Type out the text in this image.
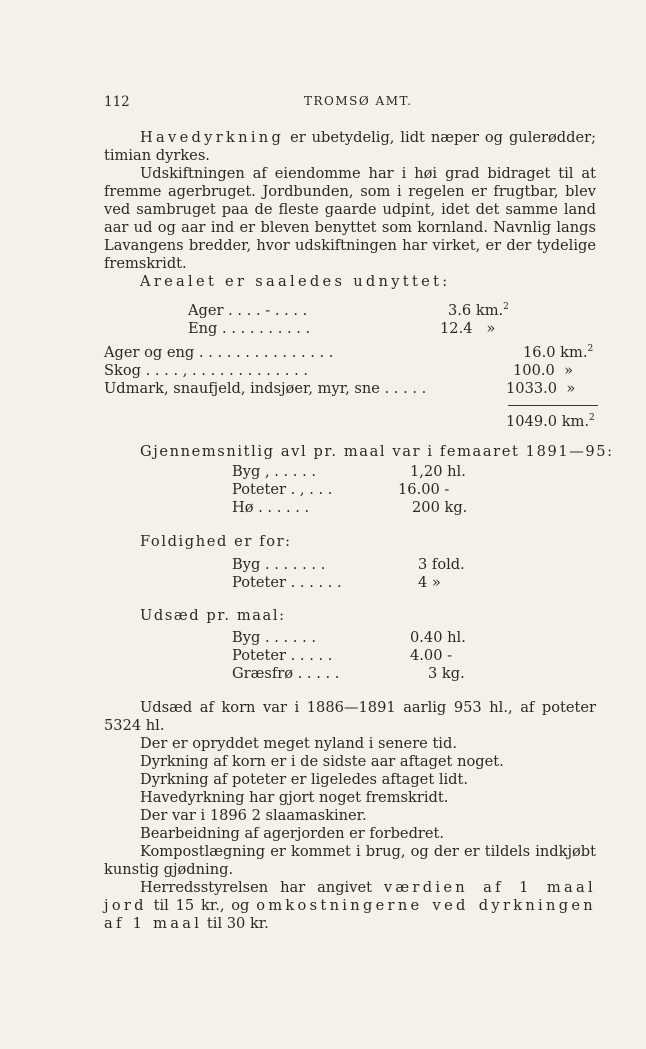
112	TROMSØ AMT.

Havedyrkning er ubetydelig, lidt næper og gulerødder; timian dyrkes.

Udskiftningen af eiendomme har i høi grad bidraget til at fremme agerbruget. Jordbunden, som i regelen er frugtbar, blev ved sambruget paa de fleste gaarde udpint, idet det samme land aar ud og aar ind er bleven benyttet som kornland. Navnlig langs Lavangens bredder, hvor udskiftningen har virket, er der tydelige fremskridt.

Arealet er saaledes udnyttet:

Ager . . . . - . . . .	3.6 km.$^2$
Eng . . . . . . . . . .	12.4 »
Ager og eng . . . . . . . . . . . . . . .	16.0 km.$^2$
Skog . . . . , . . . . . . . . . . . . .	100.0 »
Udmark, snaufjeld, indsjøer, myr, sne . . . . .	1033.0 »
1049.0 km.$^2$
Gjennemsnitlig avl pr. maal var i femaaret 1891—95:
Byg , . . . . .	1,20 hl.
Poteter . , . . .	16.00 -
Hø . . . . . .	200 kg.
Foldighed er for:
Byg . . . . . . .	3 fold.
Poteter . . . . . .	4 »
Udsæd pr. maal:
Byg . . . . . .	0.40 hl.
Poteter . . . . .	4.00 -
Græsfrø . . . . .	3 kg.

Udsæd af korn var i 1886—1891 aarlig 953 hl., af poteter 5324 hl.

Der er opryddet meget nyland i senere tid.

Dyrkning af korn er i de sidste aar aftaget noget.

Dyrkning af poteter er ligeledes aftaget lidt.

Havedyrkning har gjort noget fremskridt.

Der var i 1896 2 slaamaskiner.

Bearbeidning af agerjorden er forbedret.

Kompostlægning er kommet i brug, og der er tildels indkjøbt kunstig gjødning.

Herredsstyrelsen har angivet værdien af 1 maal jord til 15 kr., og omkostningerne ved dyrkningen af 1 maal til 30 kr.
